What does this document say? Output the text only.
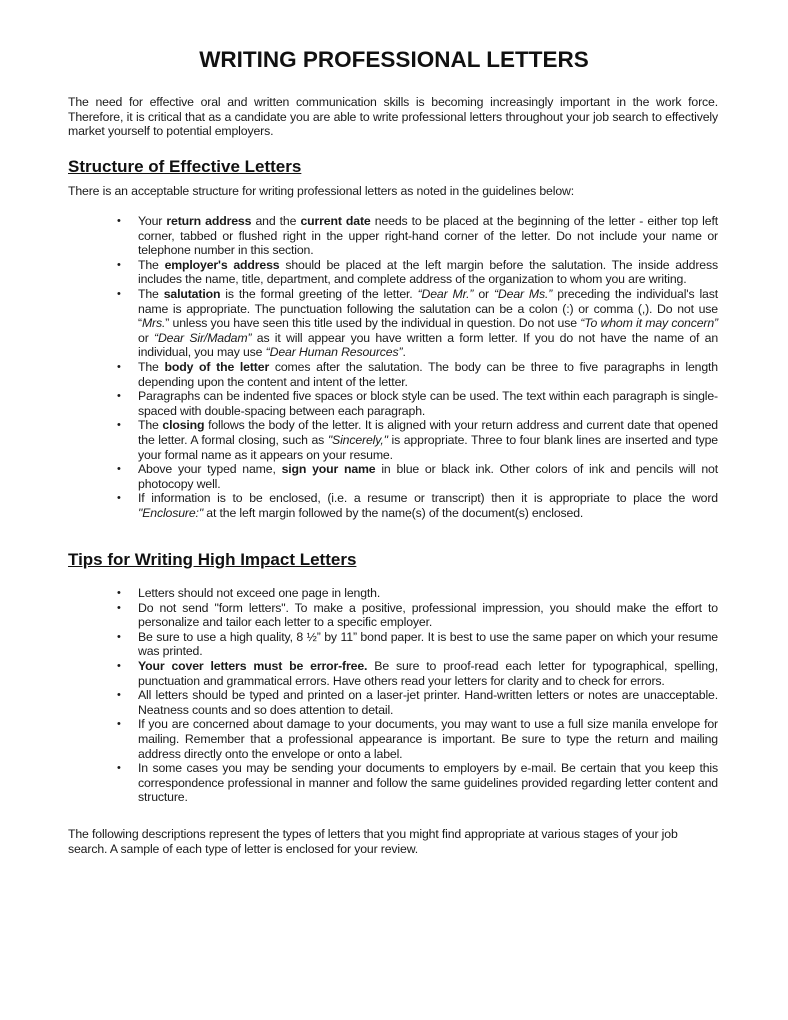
WRITING PROFESSIONAL LETTERS

The need for effective oral and written communication skills is becoming increasingly important in the work force. Therefore, it is critical that as a candidate you are able to write professional letters throughout your job search to effectively market yourself to potential employers.

Structure of Effective Letters

There is an acceptable structure for writing professional letters as noted in the guidelines below:

• Your return address and the current date needs to be placed at the beginning of the letter - either top left corner, tabbed or flushed right in the upper right-hand corner of the letter. Do not include your name or telephone number in this section.
• The employer's address should be placed at the left margin before the salutation. The inside address includes the name, title, department, and complete address of the organization to whom you are writing.
• The salutation is the formal greeting of the letter. “Dear Mr.” or “Dear Ms.” preceding the individual's last name is appropriate. The punctuation following the salutation can be a colon (:) or comma (,). Do not use “Mrs.” unless you have seen this title used by the individual in question. Do not use “To whom it may concern” or “Dear Sir/Madam” as it will appear you have written a form letter. If you do not have the name of an individual, you may use “Dear Human Resources”.
• The body of the letter comes after the salutation. The body can be three to five paragraphs in length depending upon the content and intent of the letter.
• Paragraphs can be indented five spaces or block style can be used. The text within each paragraph is single-spaced with double-spacing between each paragraph.
• The closing follows the body of the letter. It is aligned with your return address and current date that opened the letter. A formal closing, such as "Sincerely," is appropriate. Three to four blank lines are inserted and type your formal name as it appears on your resume.
• Above your typed name, sign your name in blue or black ink. Other colors of ink and pencils will not photocopy well.
• If information is to be enclosed, (i.e. a resume or transcript) then it is appropriate to place the word "Enclosure:" at the left margin followed by the name(s) of the document(s) enclosed.
Tips for Writing High Impact Letters
• Letters should not exceed one page in length.
• Do not send "form letters". To make a positive, professional impression, you should make the effort to personalize and tailor each letter to a specific employer.
• Be sure to use a high quality, 8 ½” by 11” bond paper. It is best to use the same paper on which your resume was printed.
• Your cover letters must be error-free. Be sure to proof-read each letter for typographical, spelling, punctuation and grammatical errors. Have others read your letters for clarity and to check for errors.
• All letters should be typed and printed on a laser-jet printer. Hand-written letters or notes are unacceptable. Neatness counts and so does attention to detail.
• If you are concerned about damage to your documents, you may want to use a full size manila envelope for mailing. Remember that a professional appearance is important. Be sure to type the return and mailing address directly onto the envelope or onto a label.
• In some cases you may be sending your documents to employers by e-mail. Be certain that you keep this correspondence professional in manner and follow the same guidelines provided regarding letter content and structure.

The following descriptions represent the types of letters that you might find appropriate at various stages of your job search. A sample of each type of letter is enclosed for your review.
